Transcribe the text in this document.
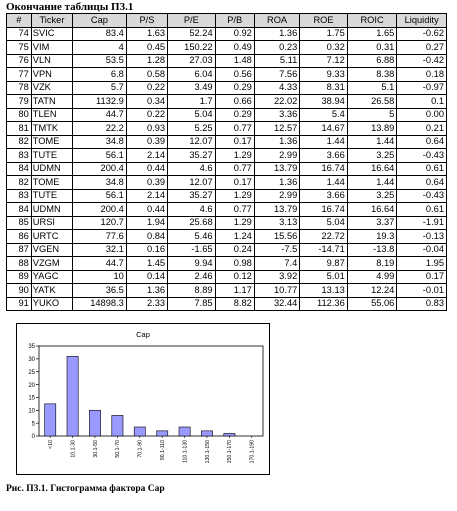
Окончание таблицы П3.1
#	Ticker	Cap	P/S	P/E	P/B	ROA	ROE	ROIC	Liquidity
74	SVIC	83.4	1.63	52.24	0.92	1.36	1.75	1.65	-0.62
75	VIM	4	0.45	150.22	0.49	0.23	0.32	0.31	0.27
76	VLN	53.5	1.28	27.03	1.48	5.11	7.12	6.88	-0.42
77	VPN	6.8	0.58	6.04	0.56	7.56	9.33	8.38	0.18
78	VZK	5.7	0.22	3.49	0.29	4.33	8.31	5.1	-0.97
79	TATN	1132.9	0.34	1.7	0.66	22.02	38.94	26.58	0.1
80	TLEN	44.7	0.22	5.04	0.29	3.36	5.4	5	0.00
81	TMTK	22.2	0.93	5.25	0.77	12.57	14.67	13.89	0.21
82	TOME	34.8	0.39	12.07	0.17	1.36	1.44	1.44	0.64
83	TUTE	56.1	2.14	35.27	1.29	2.99	3.66	3.25	-0.43
84	UDMN	200.4	0.44	4.6	0.77	13.79	16.74	16.64	0.61
82	TOME	34.8	0.39	12.07	0.17	1.36	1.44	1.44	0.64
83	TUTE	56.1	2.14	35.27	1.29	2.99	3.66	3.25	-0.43
84	UDMN	200.4	0.44	4.6	0.77	13.79	16.74	16.64	0.61
85	URSI	120.7	1.94	25.68	1.29	3.13	5.04	3.37	-1.91
86	URTC	77.6	0.84	5.46	1.24	15.56	22.72	19.3	-0.13
87	VGEN	32.1	0.16	-1.65	0.24	-7.5	-14.71	-13.8	-0.04
88	VZGM	44.7	1.45	9.94	0.98	7.4	9.87	8.19	1.95
89	YAGC	10	0.14	2.46	0.12	3.92	5.01	4.99	0.17
90	YATK	36.5	1.36	8.89	1.17	10.77	13.13	12.24	-0.01
91	YUKO	14898.3	2.33	7.85	8.82	32.44	112.36	55.06	0.83
Cap
0
5
10
15
20
25
30
35
<10	10.1-30	30.1-50	50.1-70	70.1-90	90.1-110	110.1-130	130.1-150	150.1-170	170.1-190

Рис. П3.1. Гистограмма фактора Cap
